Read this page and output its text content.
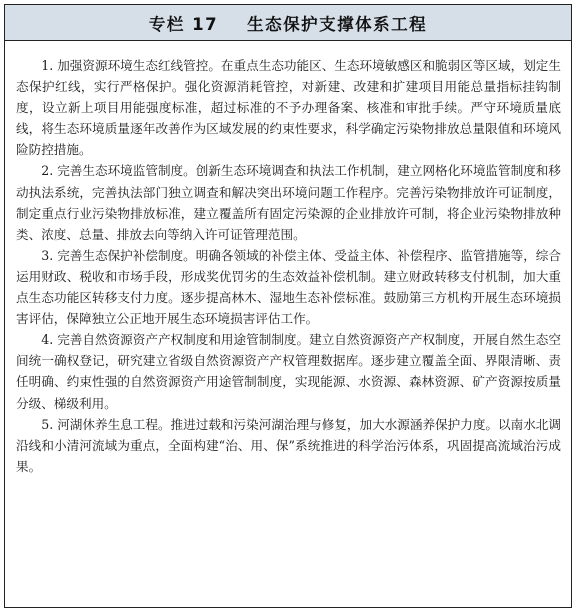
专栏 17    生态保护支撑体系工程

1. 加强资源环境生态红线管控。在重点生态功能区、生态环境敏感区和脆弱区等区域，划定生态保护红线，实行严格保护。强化资源消耗管控，对新建、改建和扩建项目用能总量指标挂钩制度，设立新上项目用能强度标准，超过标准的不予办理备案、核准和审批手续。严守环境质量底线，将生态环境质量逐年改善作为区域发展的约束性要求，科学确定污染物排放总量限值和环境风险防控措施。

2. 完善生态环境监管制度。创新生态环境调查和执法工作机制，建立网格化环境监管制度和移动执法系统，完善执法部门独立调查和解决突出环境问题工作程序。完善污染物排放许可证制度，制定重点行业污染物排放标准，建立覆盖所有固定污染源的企业排放许可制，将企业污染物排放种类、浓度、总量、排放去向等纳入许可证管理范围。

3. 完善生态保护补偿制度。明确各领域的补偿主体、受益主体、补偿程序、监管措施等，综合运用财政、税收和市场手段，形成奖优罚劣的生态效益补偿机制。建立财政转移支付机制，加大重点生态功能区转移支付力度。逐步提高林木、湿地生态补偿标准。鼓励第三方机构开展生态环境损害评估，保障独立公正地开展生态环境损害评估工作。

4. 完善自然资源资产产权制度和用途管制制度。建立自然资源资产产权制度，开展自然生态空间统一确权登记，研究建立省级自然资源资产产权管理数据库。逐步建立覆盖全面、界限清晰、责任明确、约束性强的自然资源资产用途管制制度，实现能源、水资源、森林资源、矿产资源按质量分级、梯级利用。

5. 河湖休养生息工程。推进过载和污染河湖治理与修复，加大水源涵养保护力度。以南水北调沿线和小清河流域为重点，全面构建“治、用、保”系统推进的科学治污体系，巩固提高流域治污成果。
